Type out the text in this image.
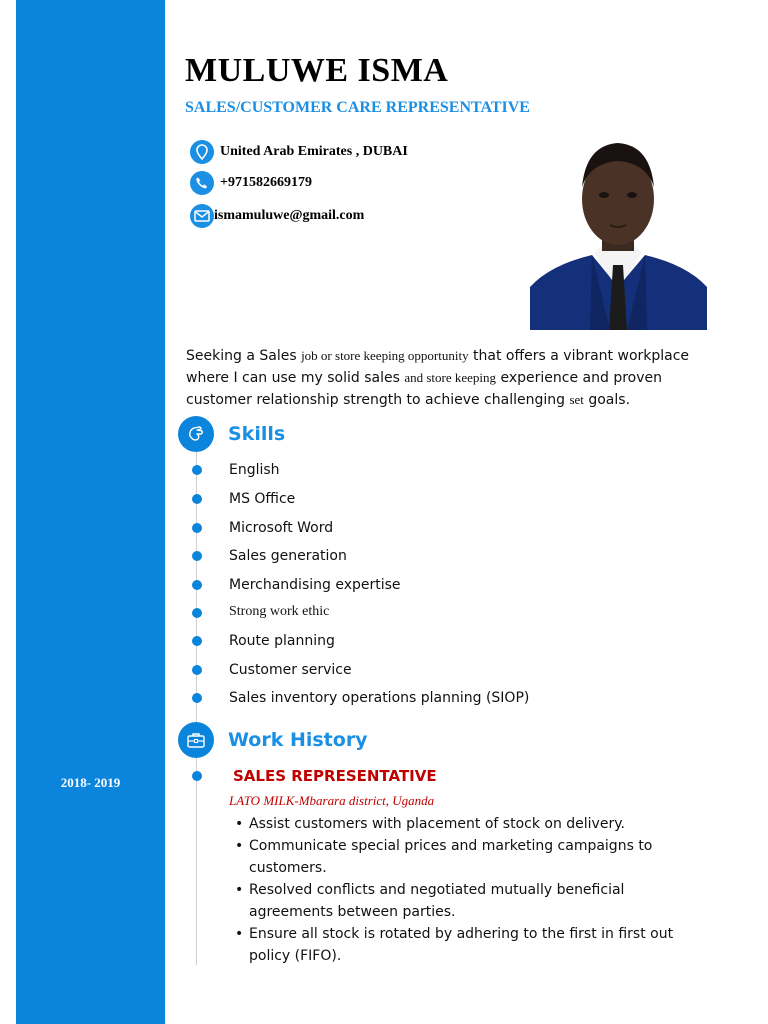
2018- 2019
MULUWE ISMA
SALES/CUSTOMER CARE REPRESENTATIVE
United Arab Emirates , DUBAI
+971582669179
ismamuluwe@gmail.com
Seeking a Sales job or store keeping opportunity that offers a vibrant workplace where I can use my solid sales and store keeping experience and proven customer relationship strength to achieve challenging set goals.
Skills
English
MS Office
Microsoft Word
Sales generation
Merchandising expertise
Strong work ethic
Route planning
Customer service
Sales inventory operations planning (SIOP)
Work History
SALES REPRESENTATIVE
LATO MILK-Mbarara district, Uganda
• Assist customers with placement of stock on delivery.
• Communicate special prices and marketing campaigns to customers.
• Resolved conflicts and negotiated mutually beneficial agreements between parties.
• Ensure all stock is rotated by adhering to the first in first out policy (FIFO).
